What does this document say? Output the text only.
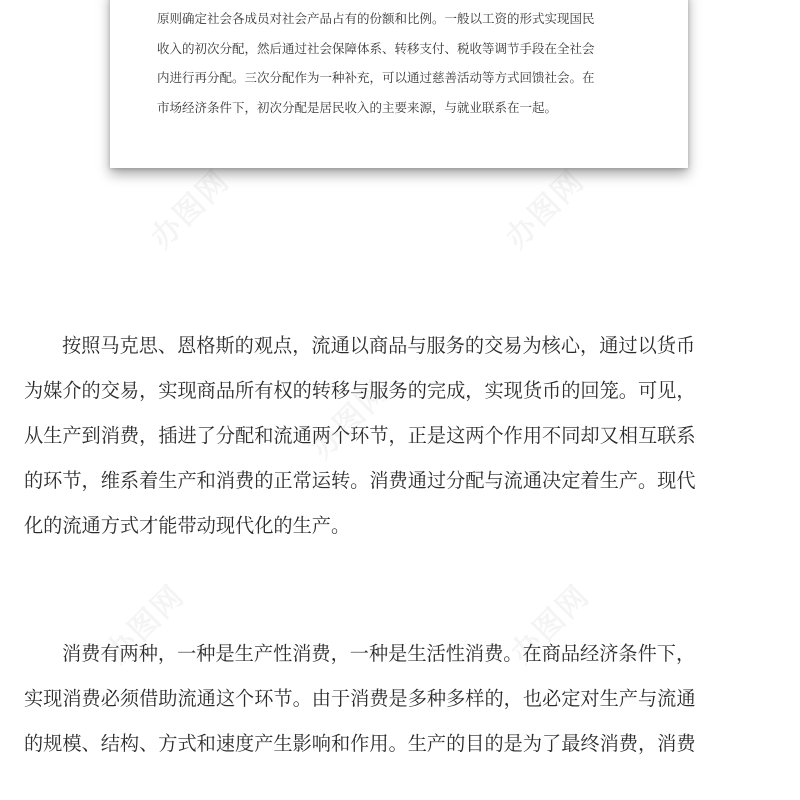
原则确定社会各成员对社会产品占有的份额和比例。一般以工资的形式实现国民
收入的初次分配，然后通过社会保障体系、转移支付、税收等调节手段在全社会
内进行再分配。三次分配作为一种补充，可以通过慈善活动等方式回馈社会。在
市场经济条件下，初次分配是居民收入的主要来源，与就业联系在一起。
按照马克思、恩格斯的观点，流通以商品与服务的交易为核心，通过以货币
为媒介的交易，实现商品所有权的转移与服务的完成，实现货币的回笼。可见，
从生产到消费，插进了分配和流通两个环节，正是这两个作用不同却又相互联系
的环节，维系着生产和消费的正常运转。消费通过分配与流通决定着生产。现代
化的流通方式才能带动现代化的生产。
消费有两种，一种是生产性消费，一种是生活性消费。在商品经济条件下，
实现消费必须借助流通这个环节。由于消费是多种多样的，也必定对生产与流通
的规模、结构、方式和速度产生影响和作用。生产的目的是为了最终消费，消费
